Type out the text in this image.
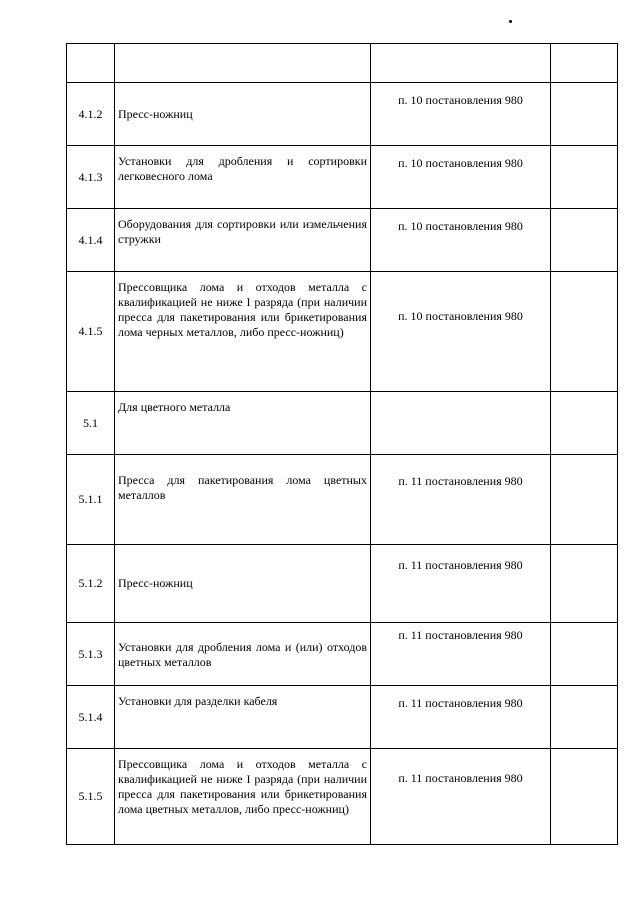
4.1.2	Пресс-ножниц	п. 10 постановления 980	
4.1.3	Установки для дробления и сортировки легковесного лома	п. 10 постановления 980	
4.1.4	Оборудования для сортировки или измельчения стружки	п. 10 постановления 980	
4.1.5	Прессовщика лома и отходов металла с квалификацией не ниже I разряда (при наличии пресса для пакетирования или брикетирования лома черных металлов, либо пресс-ножниц)	п. 10 постановления 980	
5.1	Для цветного металла		
5.1.1	Пресса для пакетирования лома цветных металлов	п. 11 постановления 980	
5.1.2	Пресс-ножниц	п. 11 постановления 980	
5.1.3	Установки для дробления лома и (или) отходов цветных металлов	п. 11 постановления 980	
5.1.4	Установки для разделки кабеля	п. 11 постановления 980	
5.1.5	Прессовщика лома и отходов металла с квалификацией не ниже I разряда (при наличии пресса для пакетирования или брикетирования лома цветных металлов, либо пресс-ножниц)	п. 11 постановления 980	
